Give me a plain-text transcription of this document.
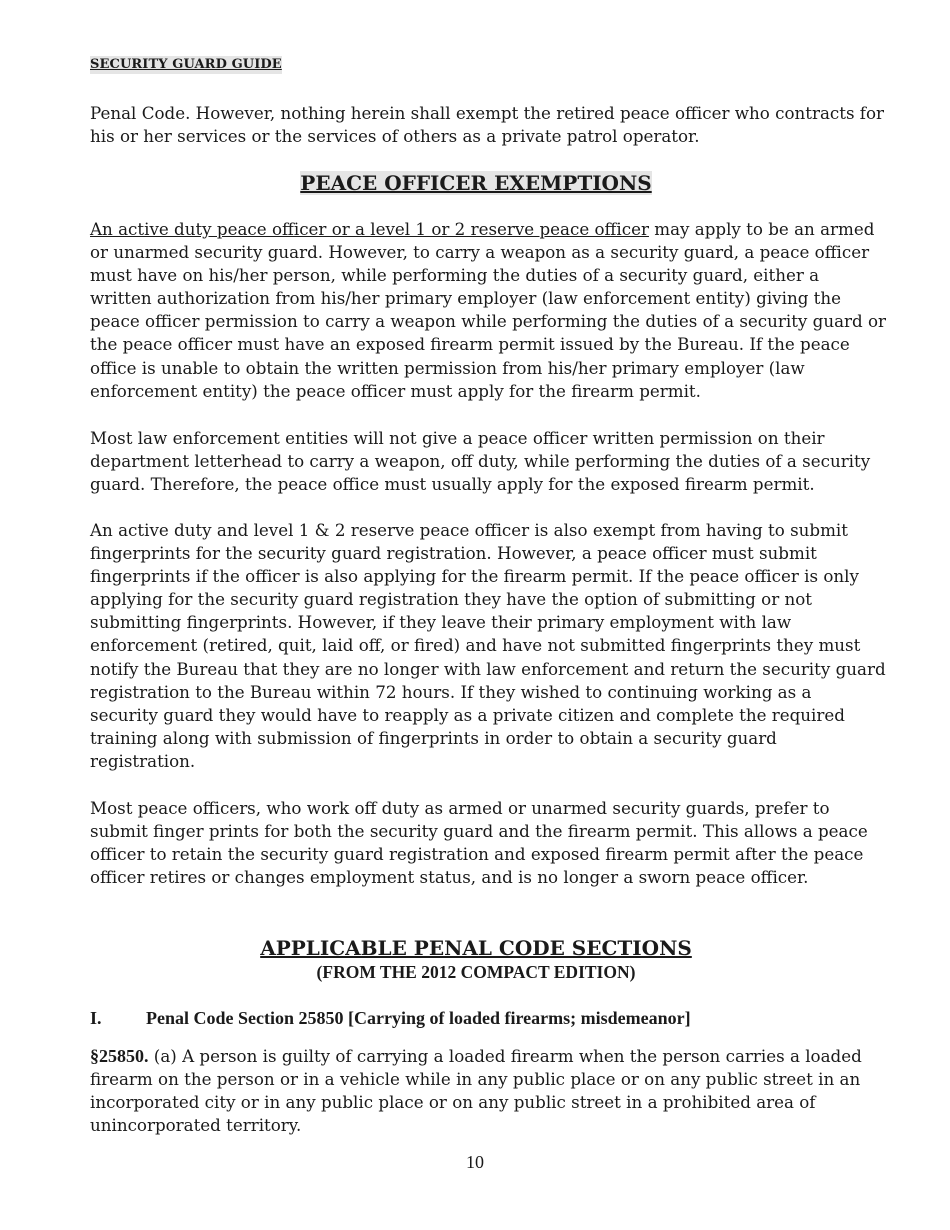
SECURITY GUARD GUIDE
Penal Code. However, nothing herein shall exempt the retired peace officer who contracts for
his or her services or the services of others as a private patrol operator.
PEACE OFFICER EXEMPTIONS
An active duty peace officer or a level 1 or 2 reserve peace officer may apply to be an armed
or unarmed security guard. However, to carry a weapon as a security guard, a peace officer
must have on his/her person, while performing the duties of a security guard, either a
written authorization from his/her primary employer (law enforcement entity) giving the
peace officer permission to carry a weapon while performing the duties of a security guard or
the peace officer must have an exposed firearm permit issued by the Bureau. If the peace
office is unable to obtain the written permission from his/her primary employer (law
enforcement entity) the peace officer must apply for the firearm permit.
Most law enforcement entities will not give a peace officer written permission on their
department letterhead to carry a weapon, off duty, while performing the duties of a security
guard. Therefore, the peace office must usually apply for the exposed firearm permit.
An active duty and level 1 & 2 reserve peace officer is also exempt from having to submit
fingerprints for the security guard registration. However, a peace officer must submit
fingerprints if the officer is also applying for the firearm permit. If the peace officer is only
applying for the security guard registration they have the option of submitting or not
submitting fingerprints. However, if they leave their primary employment with law
enforcement (retired, quit, laid off, or fired) and have not submitted fingerprints they must
notify the Bureau that they are no longer with law enforcement and return the security guard
registration to the Bureau within 72 hours. If they wished to continuing working as a
security guard they would have to reapply as a private citizen and complete the required
training along with submission of fingerprints in order to obtain a security guard
registration.
Most peace officers, who work off duty as armed or unarmed security guards, prefer to
submit finger prints for both the security guard and the firearm permit. This allows a peace
officer to retain the security guard registration and exposed firearm permit after the peace
officer retires or changes employment status, and is no longer a sworn peace officer.
APPLICABLE PENAL CODE SECTIONS
(FROM THE 2012 COMPACT EDITION)
I. Penal Code Section 25850 [Carrying of loaded firearms; misdemeanor]
§25850. (a) A person is guilty of carrying a loaded firearm when the person carries a loaded
firearm on the person or in a vehicle while in any public place or on any public street in an
incorporated city or in any public place or on any public street in a prohibited area of
unincorporated territory.
10
